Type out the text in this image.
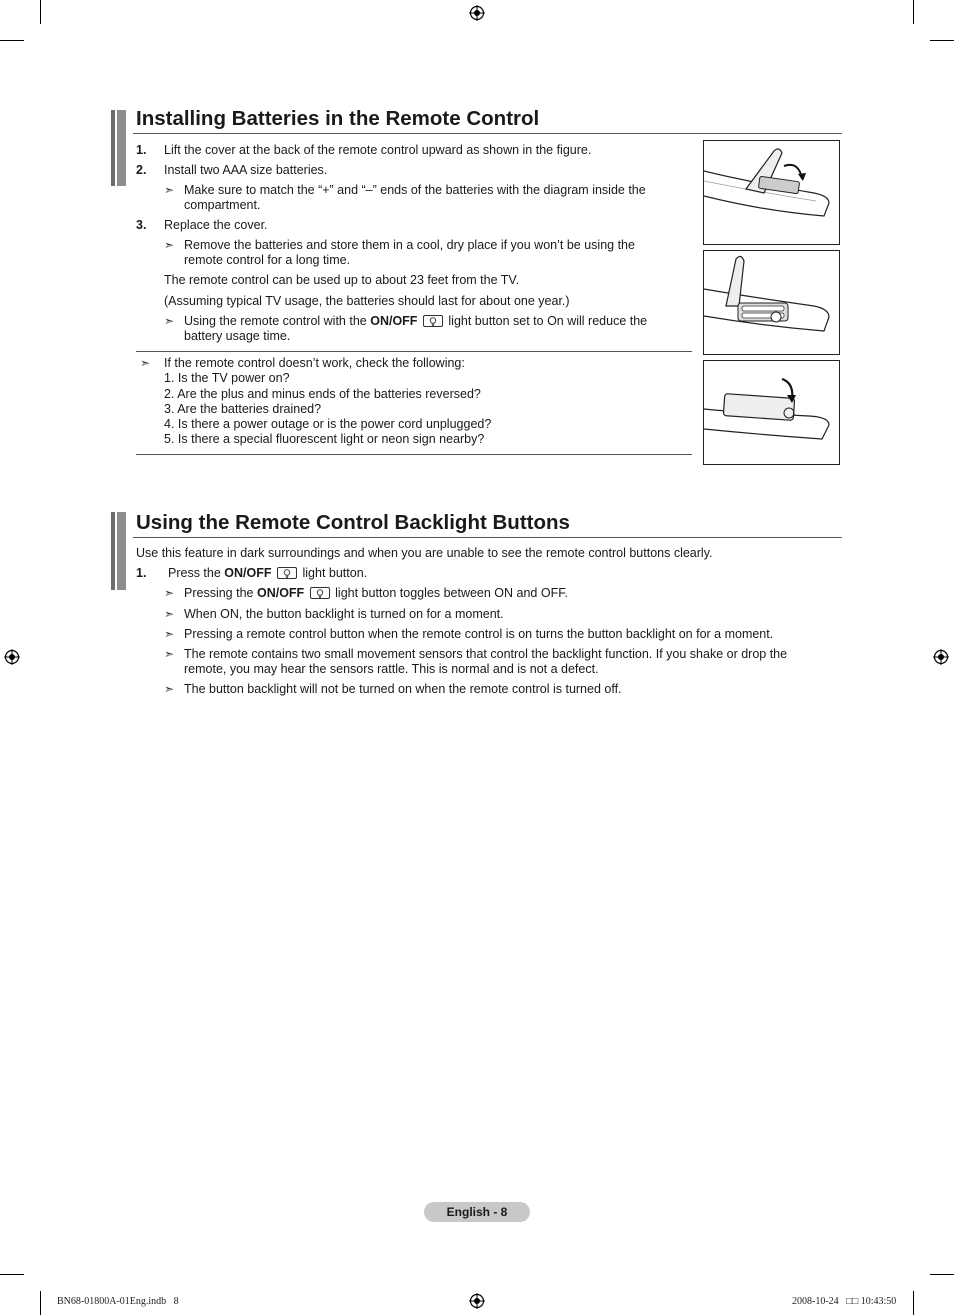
Installing Batteries in the Remote Control
1. Lift the cover at the back of the remote control upward as shown in the figure.
2. Install two AAA size batteries.
➣ Make sure to match the “+” and “–” ends of the batteries with the diagram inside the
compartment.
3. Replace the cover.
➣ Remove the batteries and store them in a cool, dry place if you won’t be using the
remote control for a long time.
The remote control can be used up to about 23 feet from the TV.
(Assuming typical TV usage, the batteries should last for about one year.)
➣ Using the remote control with the ON/OFF light button set to On will reduce the
battery usage time.
➣ If the remote control doesn’t work, check the following:
1. Is the TV power on?
2. Are the plus and minus ends of the batteries reversed?
3. Are the batteries drained?
4. Is there a power outage or is the power cord unplugged?
5. Is there a special fluorescent light or neon sign nearby?
Using the Remote Control Backlight Buttons
Use this feature in dark surroundings and when you are unable to see the remote control buttons clearly.
1. Press the ON/OFF light button.
➣ Pressing the ON/OFF light button toggles between ON and OFF.
➣ When ON, the button backlight is turned on for a moment.
➣ Pressing a remote control button when the remote control is on turns the button backlight on for a moment.
➣ The remote contains two small movement sensors that control the backlight function. If you shake or drop the
remote, you may hear the sensors rattle. This is normal and is not a defect.
➣ The button backlight will not be turned on when the remote control is turned off.
English - 8
BN68-01800A-01Eng.indb   8	2008-10-24   □□ 10:43:50
